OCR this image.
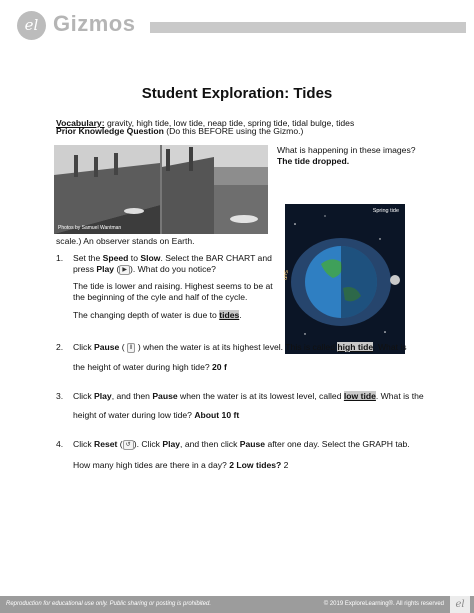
el Gizmos
Student Exploration: Tides
Vocabulary: gravity, high tide, low tide, neap tide, spring tide, tidal bulge, tides
Prior Knowledge Question (Do this BEFORE using the Gizmo.)
Photos by Samuel Wantman
What is happening in these images?
The tide dropped.
Spring tide
Sun
scale.) An observer stands on Earth.
1. Set the Speed to Slow. Select the BAR CHART and
press Play ( ▶ ). What do you notice?
The tide is lower and raising. Highest seems to be at
the beginning of the cyle and half of the cycle.
The changing depth of water is due to tides.
2. Click Pause ( ‖ ) when the water is at its highest level. This is called high tide. What is
the height of water during high tide? 20 f
3. Click Play, and then Pause when the water is at its lowest level, called low tide. What is the
height of water during low tide? About 10 ft
4. Click Reset ( ↺ ). Click Play, and then click Pause after one day. Select the GRAPH tab.
How many high tides are there in a day? 2 Low tides? 2
Reproduction for educational use only. Public sharing or posting is prohibited.	© 2019 ExploreLearning®. All rights reserved	el
